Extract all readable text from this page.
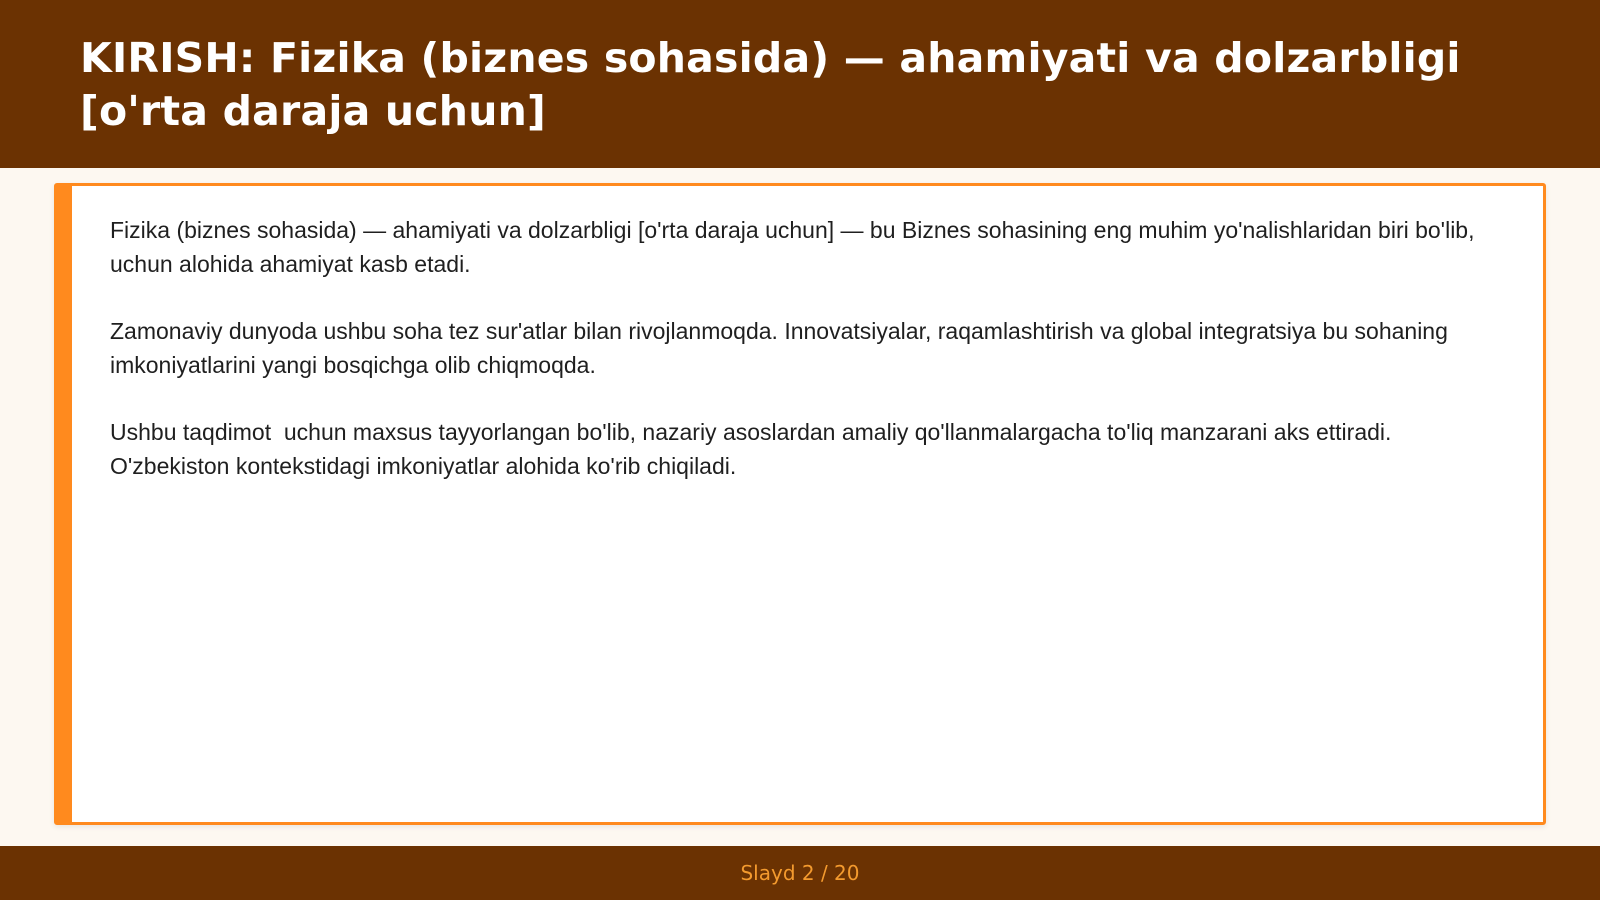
KIRISH: Fizika (biznes sohasida) — ahamiyati va dolzarbligi [o'rta daraja uchun]

Fizika (biznes sohasida) — ahamiyati va dolzarbligi [o'rta daraja uchun] — bu Biznes sohasining eng muhim yo'nalishlaridan biri bo'lib,  uchun alohida ahamiyat kasb etadi.

Zamonaviy dunyoda ushbu soha tez sur'atlar bilan rivojlanmoqda. Innovatsiyalar, raqamlashtirish va global integratsiya bu sohaning imkoniyatlarini yangi bosqichga olib chiqmoqda.

Ushbu taqdimot  uchun maxsus tayyorlangan bo'lib, nazariy asoslardan amaliy qo'llanmalargacha to'liq manzarani aks ettiradi. O'zbekiston kontekstidagi imkoniyatlar alohida ko'rib chiqiladi.

Slayd 2 / 20
